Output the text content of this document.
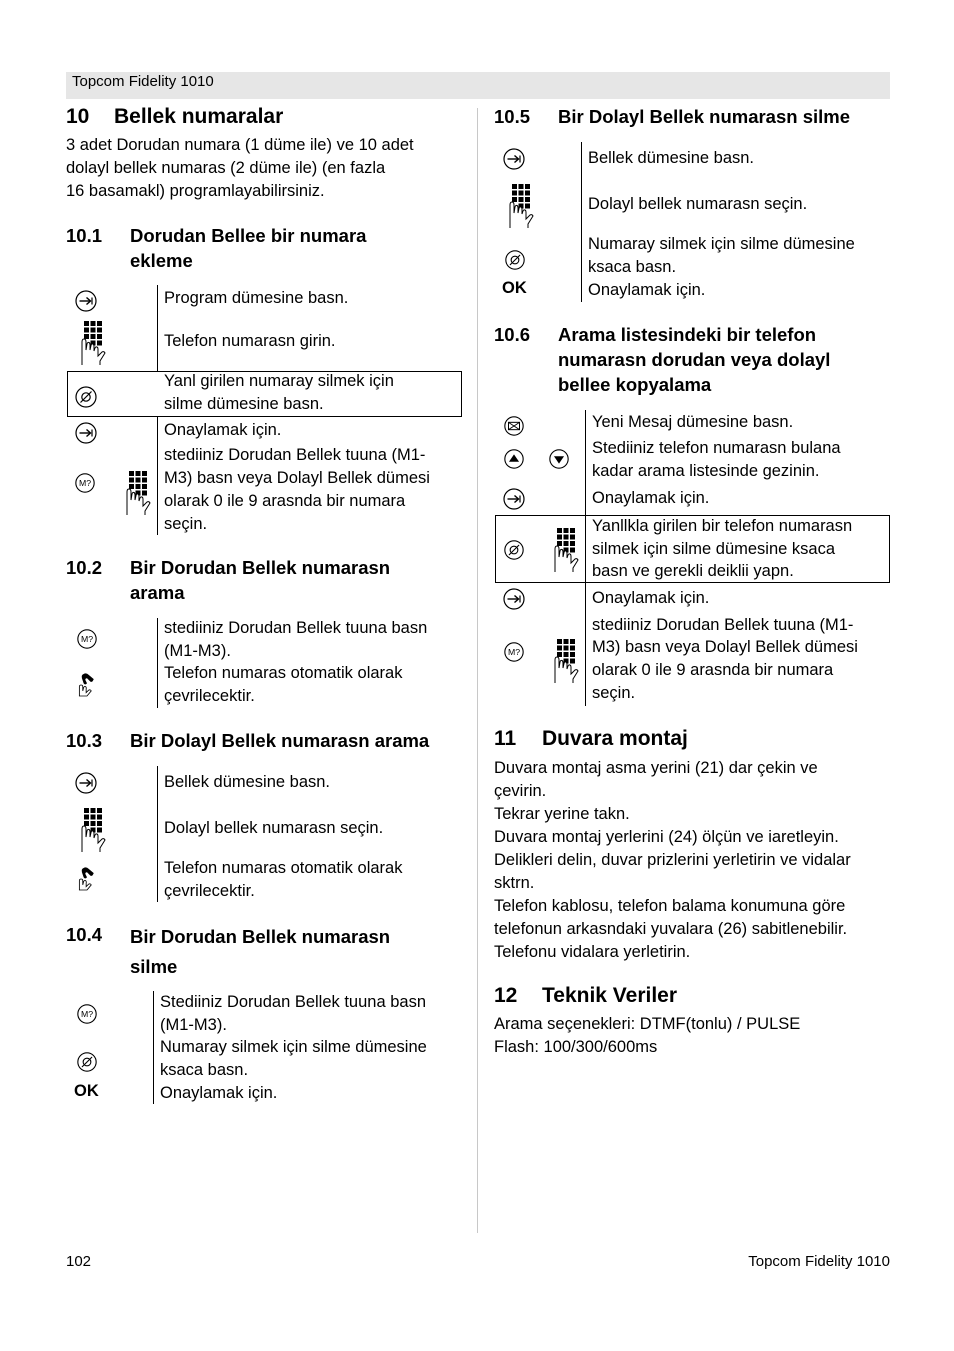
Topcom Fidelity 1010
10 Bellek numaralar
3 adet Dorudan numara (1 düme ile) ve 10 adet
dolayl bellek numaras (2 düme ile) (en fazla
16 basamakl) programlayabilirsiniz.
10.1 Dorudan Bellee bir numara
ekleme
Program dümesine basn.
Telefon numarasn girin.
Yanl girilen numaray silmek için
silme dümesine basn.
Onaylamak için.
stediiniz Dorudan Bellek tuuna (M1-
M3) basn veya Dolayl Bellek dümesi
olarak 0 ile 9 arasnda bir numara
seçin.
10.2 Bir Dorudan Bellek numarasn
arama
stediiniz Dorudan Bellek tuuna basn
(M1-M3).
Telefon numaras otomatik olarak
çevrilecektir.
10.3 Bir Dolayl Bellek numarasn arama
Bellek dümesine basn.
Dolayl bellek numarasn seçin.
Telefon numaras otomatik olarak
çevrilecektir.
10.4 Bir Dorudan Bellek numarasn
silme
OK
Stediiniz Dorudan Bellek tuuna basn
(M1-M3).
Numaray silmek için silme dümesine
ksaca basn.
Onaylamak için.
10.5 Bir Dolayl Bellek numarasn silme
OK
Bellek dümesine basn.
Dolayl bellek numarasn seçin.
Numaray silmek için silme dümesine
ksaca basn.
Onaylamak için.
10.6 Arama listesindeki bir telefon
numarasn dorudan veya dolayl
bellee kopyalama
Yeni Mesaj dümesine basn.
Stediiniz telefon numarasn bulana
kadar arama listesinde gezinin.
Onaylamak için.
Yanllkla girilen bir telefon numarasn
silmek için silme dümesine ksaca
basn ve gerekli deiklii yapn.
Onaylamak için.
stediiniz Dorudan Bellek tuuna (M1-
M3) basn veya Dolayl Bellek dümesi
olarak 0 ile 9 arasnda bir numara
seçin.
11 Duvara montaj
Duvara montaj asma yerini (21) dar çekin ve
çevirin.
Tekrar yerine takn.
Duvara montaj yerlerini (24) ölçün ve iaretleyin.
Delikleri delin, duvar prizlerini yerletirin ve vidalar
sktrn.
Telefon kablosu, telefon balama konumuna göre
telefonun arkasndaki yuvalara (26) sabitlenebilir.
Telefonu vidalara yerletirin.
12 Teknik Veriler
Arama seçenekleri: DTMF(tonlu) / PULSE
Flash: 100/300/600ms
102	Topcom Fidelity 1010
